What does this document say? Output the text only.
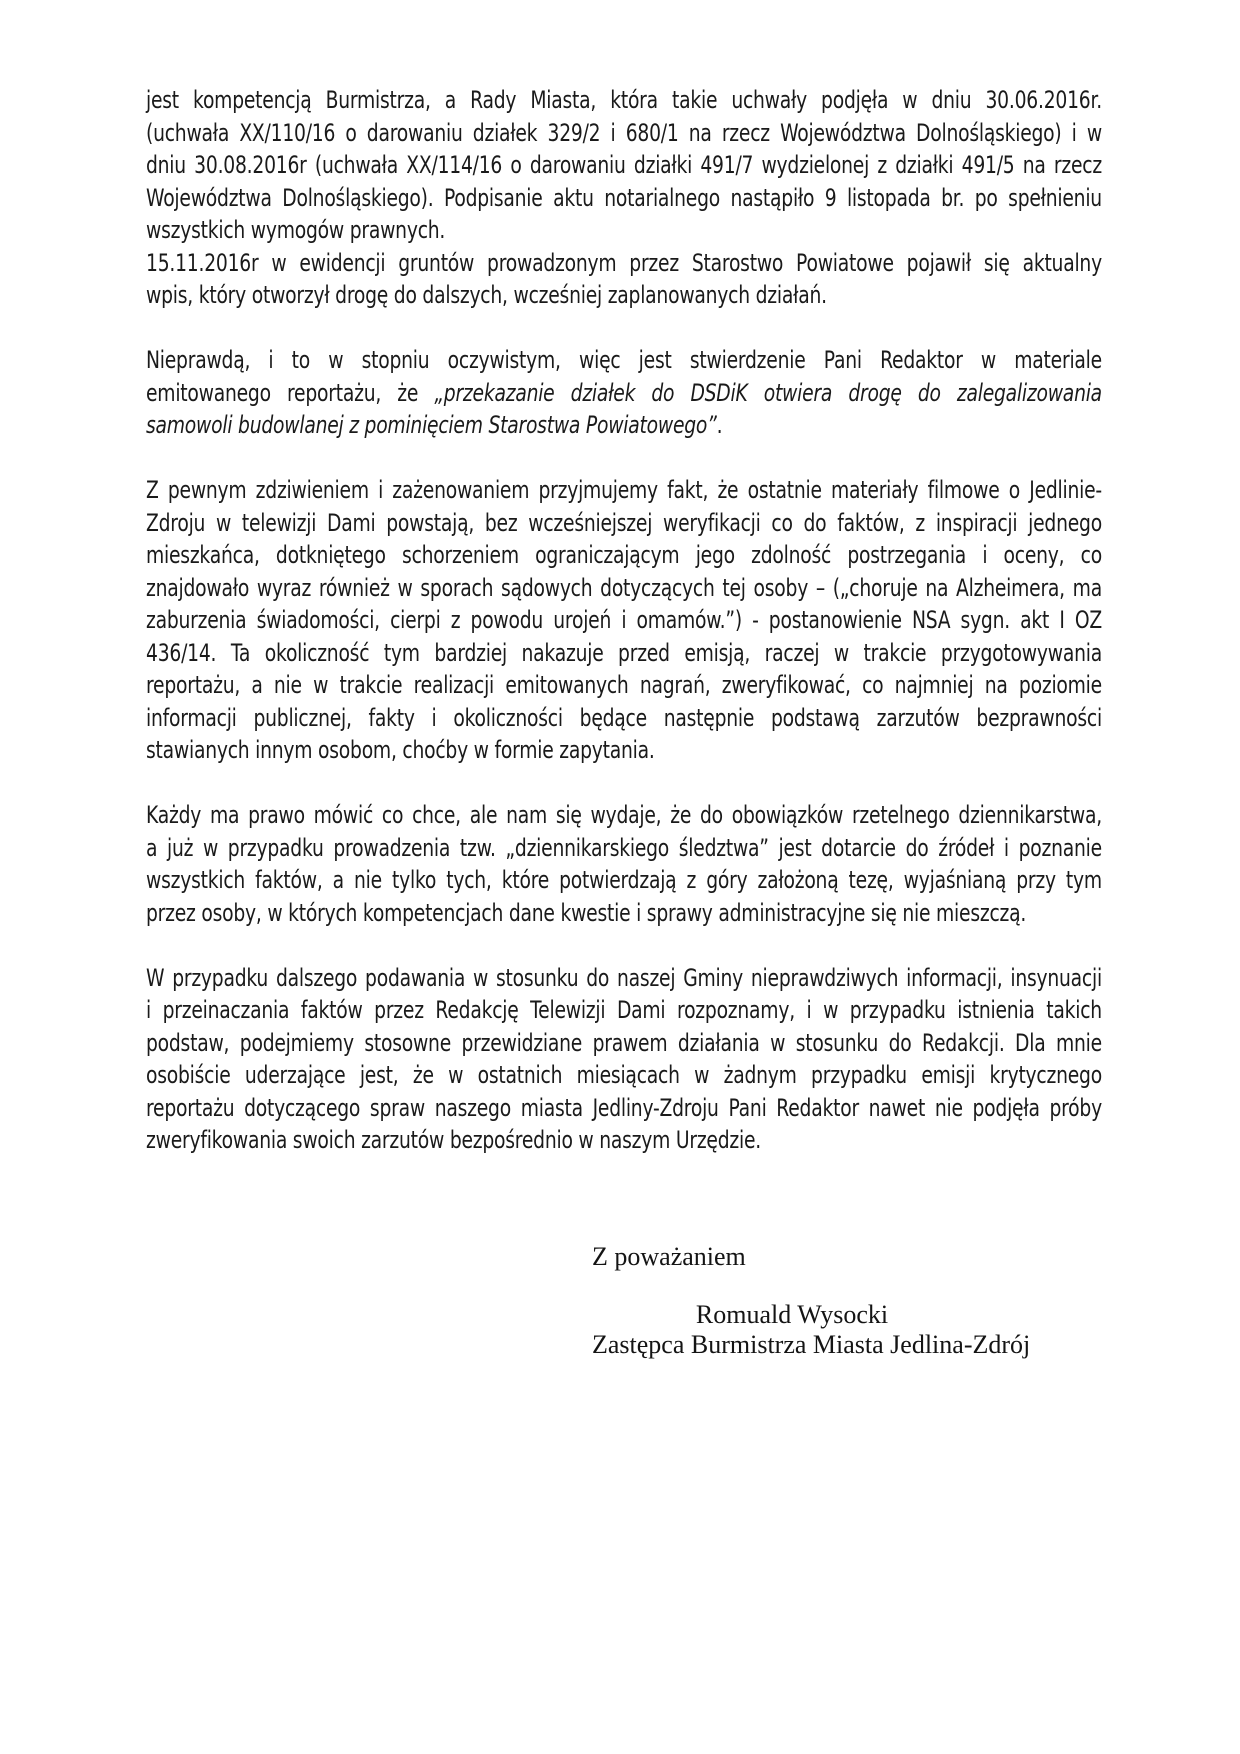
jest kompetencją Burmistrza, a Rady Miasta, która takie uchwały podjęła w dniu 30.06.2016r.
(uchwała XX/110/16 o darowaniu działek 329/2 i 680/1 na rzecz Województwa Dolnośląskiego) i w
dniu 30.08.2016r (uchwała XX/114/16 o darowaniu działki 491/7 wydzielonej z działki 491/5 na rzecz
Województwa Dolnośląskiego). Podpisanie aktu notarialnego nastąpiło 9 listopada br. po spełnieniu
wszystkich wymogów prawnych.
15.11.2016r w ewidencji gruntów prowadzonym przez Starostwo Powiatowe pojawił się aktualny
wpis, który otworzył drogę do dalszych, wcześniej zaplanowanych działań.
Nieprawdą, i to w stopniu oczywistym, więc jest stwierdzenie Pani Redaktor w materiale
emitowanego reportażu, że „przekazanie działek do DSDiK otwiera drogę do zalegalizowania
samowoli budowlanej z pominięciem Starostwa Powiatowego”.
Z pewnym zdziwieniem i zażenowaniem przyjmujemy fakt, że ostatnie materiały filmowe o Jedlinie-
Zdroju w telewizji Dami powstają, bez wcześniejszej weryfikacji co do faktów, z inspiracji jednego
mieszkańca, dotkniętego schorzeniem ograniczającym jego zdolność postrzegania i oceny, co
znajdowało wyraz również w sporach sądowych dotyczących tej osoby – („choruje na Alzheimera, ma
zaburzenia świadomości, cierpi z powodu urojeń i omamów.”) - postanowienie NSA sygn. akt I OZ
436/14. Ta okoliczność tym bardziej nakazuje przed emisją, raczej w trakcie przygotowywania
reportażu, a nie w trakcie realizacji emitowanych nagrań, zweryfikować, co najmniej na poziomie
informacji publicznej, fakty i okoliczności będące następnie podstawą zarzutów bezprawności
stawianych innym osobom, choćby w formie zapytania.
Każdy ma prawo mówić co chce, ale nam się wydaje, że do obowiązków rzetelnego dziennikarstwa,
a już w przypadku prowadzenia tzw. „dziennikarskiego śledztwa” jest dotarcie do źródeł i poznanie
wszystkich faktów, a nie tylko tych, które potwierdzają z góry założoną tezę, wyjaśnianą przy tym
przez osoby, w których kompetencjach dane kwestie i sprawy administracyjne się nie mieszczą.
W przypadku dalszego podawania w stosunku do naszej Gminy nieprawdziwych informacji, insynuacji
i przeinaczania faktów przez Redakcję Telewizji Dami rozpoznamy, i w przypadku istnienia takich
podstaw, podejmiemy stosowne przewidziane prawem działania w stosunku do Redakcji. Dla mnie
osobiście uderzające jest, że w ostatnich miesiącach w żadnym przypadku emisji krytycznego
reportażu dotyczącego spraw naszego miasta Jedliny-Zdroju Pani Redaktor nawet nie podjęła próby
zweryfikowania swoich zarzutów bezpośrednio w naszym Urzędzie.
Z poważaniem
Romuald Wysocki
Zastępca Burmistrza Miasta Jedlina-Zdrój
